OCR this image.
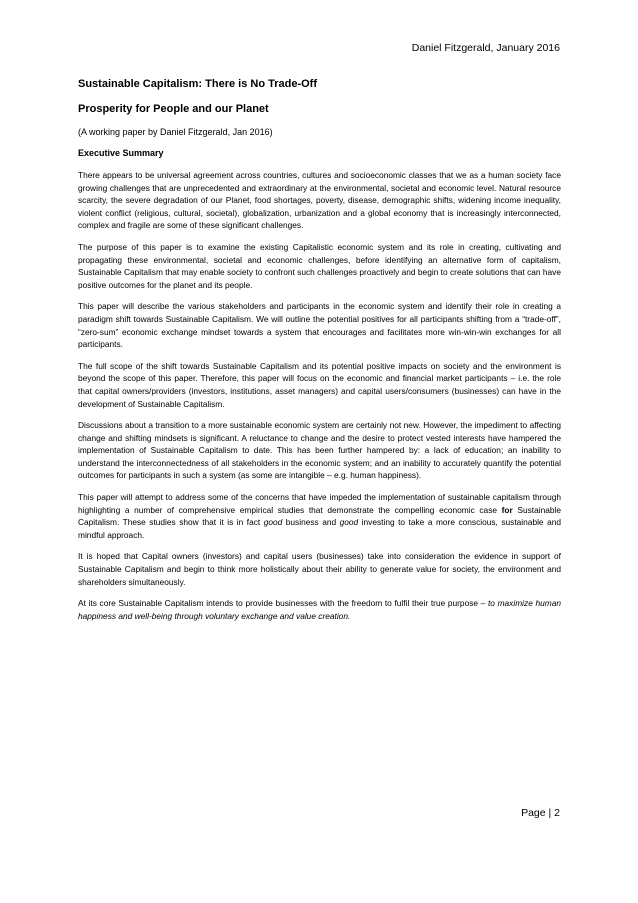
Daniel Fitzgerald, January 2016
Sustainable Capitalism: There is No Trade-Off
Prosperity for People and our Planet
(A working paper by Daniel Fitzgerald, Jan 2016)
Executive Summary

There appears to be universal agreement across countries, cultures and socioeconomic classes that we as a human society face growing challenges that are unprecedented and extraordinary at the environmental, societal and economic level. Natural resource scarcity, the severe degradation of our Planet, food shortages, poverty, disease, demographic shifts, widening income inequality, violent conflict (religious, cultural, societal), globalization, urbanization and a global economy that is increasingly interconnected, complex and fragile are some of these significant challenges.

The purpose of this paper is to examine the existing Capitalistic economic system and its role in creating, cultivating and propagating these environmental, societal and economic challenges, before identifying an alternative form of capitalism, Sustainable Capitalism that may enable society to confront such challenges proactively and begin to create solutions that can have positive outcomes for the planet and its people.

This paper will describe the various stakeholders and participants in the economic system and identify their role in creating a paradigm shift towards Sustainable Capitalism. We will outline the potential positives for all participants shifting from a “trade-off”, “zero-sum” economic exchange mindset towards a system that encourages and facilitates more win-win-win exchanges for all participants.

The full scope of the shift towards Sustainable Capitalism and its potential positive impacts on society and the environment is beyond the scope of this paper. Therefore, this paper will focus on the economic and financial market participants – i.e. the role that capital owners/providers (investors, institutions, asset managers) and capital users/consumers (businesses) can have in the development of Sustainable Capitalism.

Discussions about a transition to a more sustainable economic system are certainly not new. However, the impediment to affecting change and shifting mindsets is significant. A reluctance to change and the desire to protect vested interests have hampered the implementation of Sustainable Capitalism to date. This has been further hampered by: a lack of education; an inability to understand the interconnectedness of all stakeholders in the economic system; and an inability to accurately quantify the potential outcomes for participants in such a system (as some are intangible – e.g. human happiness).

This paper will attempt to address some of the concerns that have impeded the implementation of sustainable capitalism through highlighting a number of comprehensive empirical studies that demonstrate the compelling economic case for Sustainable Capitalism. These studies show that it is in fact good business and good investing to take a more conscious, sustainable and mindful approach.

It is hoped that Capital owners (investors) and capital users (businesses) take into consideration the evidence in support of Sustainable Capitalism and begin to think more holistically about their ability to generate value for society, the environment and shareholders simultaneously.

At its core Sustainable Capitalism intends to provide businesses with the freedom to fulfil their true purpose – to maximize human happiness and well-being through voluntary exchange and value creation.

Page | 2
